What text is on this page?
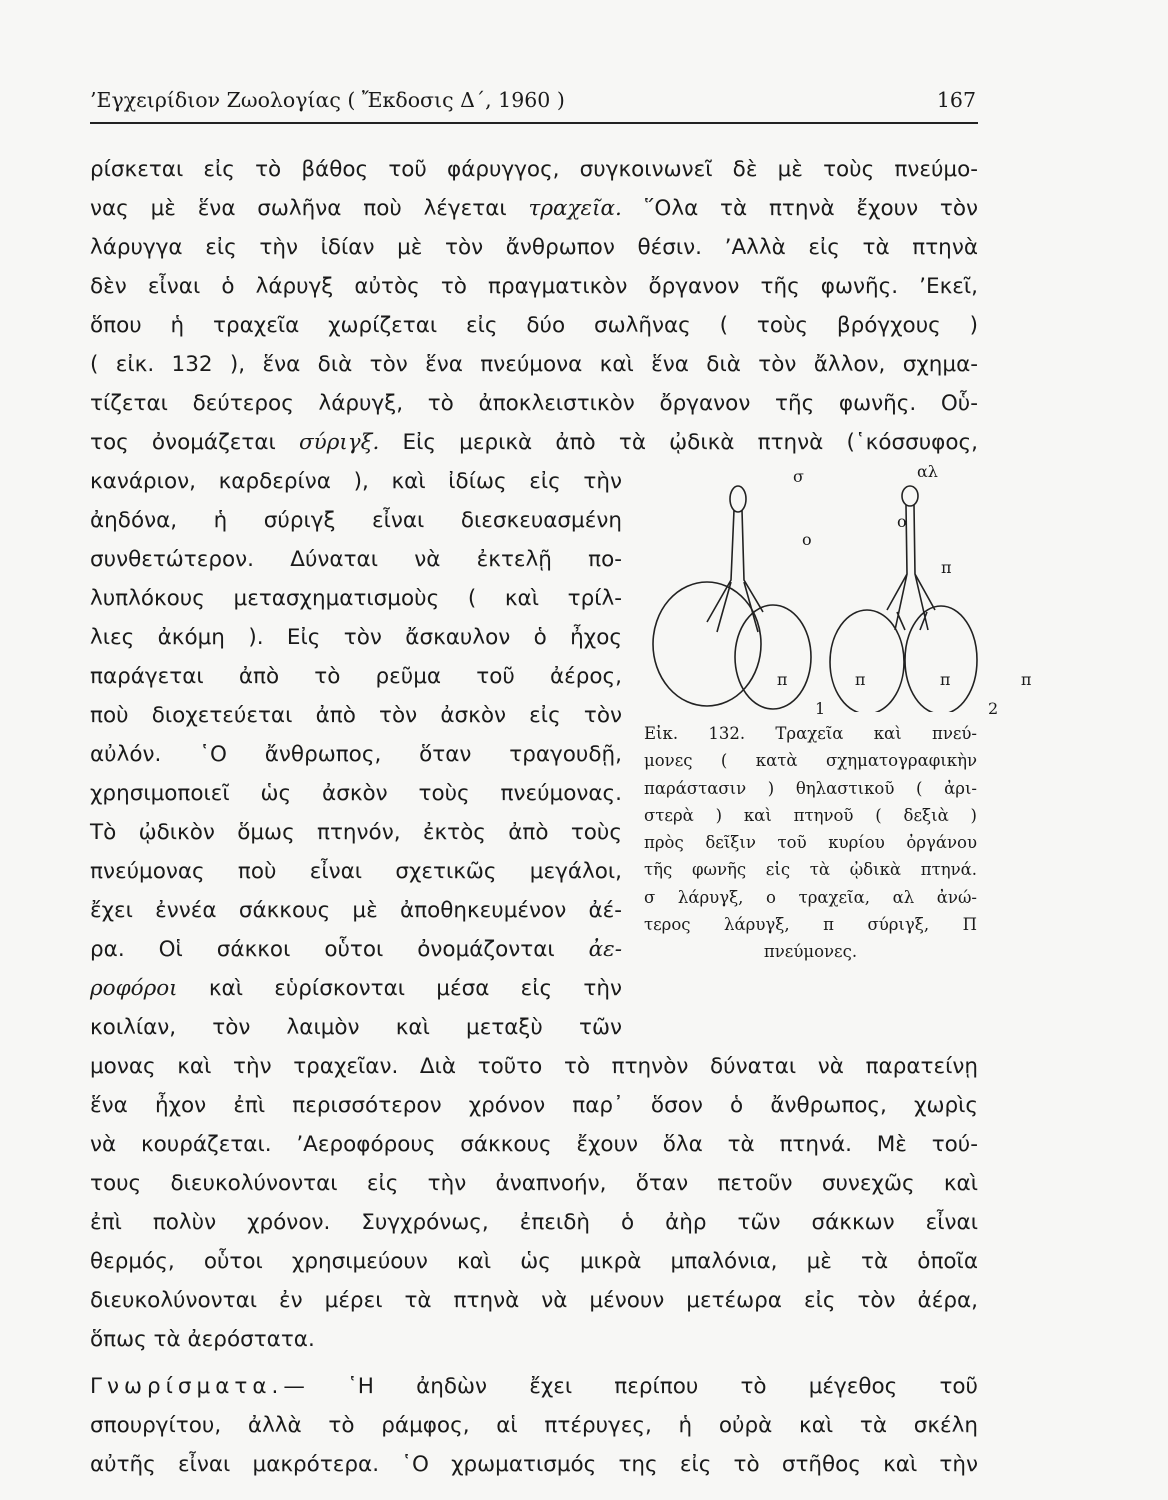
’Εγχειρίδιον Ζωολογίας ( Ἔκδοσις Δ΄, 1960 )	167
ρίσκεται εἰς τὸ βάθος τοῦ φάρυγγος, συγκοινωνεῖ δὲ μὲ τοὺς πνεύμο-
νας μὲ ἕνα σωλῆνα ποὺ λέγεται τραχεῖα. ῞Ολα τὰ πτηνὰ ἔχουν τὸν
λάρυγγα εἰς τὴν ἰδίαν μὲ τὸν ἄνθρωπον θέσιν. ’Αλλὰ εἰς τὰ πτηνὰ
δὲν εἶναι ὁ λάρυγξ αὐτὸς τὸ πραγματικὸν ὄργανον τῆς φωνῆς. ’Εκεῖ,
ὅπου ἡ τραχεῖα χωρίζεται εἰς δύο σωλῆνας ( τοὺς βρόγχους )
( εἰκ. 132 ), ἕνα διὰ τὸν ἕνα πνεύμονα καὶ ἕνα διὰ τὸν ἄλλον, σχημα-
τίζεται δεύτερος λάρυγξ, τὸ ἀποκλειστικὸν ὄργανον τῆς φωνῆς. Οὗ-
τος ὀνομάζεται σύριγξ. Εἰς μερικὰ ἀπὸ τὰ ᾠδικὰ πτηνὰ (῾κόσσυφος,
κανάριον, καρδερίνα ), καὶ ἰδίως εἰς τὴν
ἀηδόνα, ἡ σύριγξ εἶναι διεσκευασμένη
συνθετώτερον. Δύναται νὰ ἐκτελῇ πο-
λυπλόκους μετασχηματισμοὺς ( καὶ τρίλ-
λιες ἀκόμη ). Εἰς τὸν ἄσκαυλον ὁ ἦχος
παράγεται ἀπὸ τὸ ρεῦμα τοῦ ἀέρος,
ποὺ διοχετεύεται ἀπὸ τὸν ἀσκὸν εἰς τὸν
αὐλόν. ῾Ο ἄνθρωπος, ὅταν τραγουδῇ,
χρησιμοποιεῖ ὡς ἀσκὸν τοὺς πνεύμονας.
Τὸ ᾠδικὸν ὅμως πτηνόν, ἐκτὸς ἀπὸ τοὺς
πνεύμονας ποὺ εἶναι σχετικῶς μεγάλοι,
ἔχει ἐννέα σάκκους μὲ ἀποθηκευμένον ἀέ-
ρα. Οἱ σάκκοι οὗτοι ὀνομάζονται ἀε-
ροφόροι καὶ εὑρίσκονται μέσα εἰς τὴν
κοιλίαν, τὸν λαιμὸν καὶ μεταξὺ τῶν
σ	αλ
ο
ο
π
п	п	п	п
1	2
Εἰκ. 132. Τραχεῖα καὶ πνεύ-
μονες ( κατὰ σχηματογραφικὴν
παράστασιν ) θηλαστικοῦ ( ἀρι-
στερὰ ) καὶ πτηνοῦ ( δεξιὰ )
πρὸς δεῖξιν τοῦ κυρίου ὀργάνου
τῆς φωνῆς εἰς τὰ ᾠδικὰ πτηνά.
σ λάρυγξ, ο τραχεῖα, αλ ἀνώ-
τερος λάρυγξ, π σύριγξ, Π
πνεύμονες.
μονας καὶ τὴν τραχεῖαν. Διὰ τοῦτο τὸ πτηνὸν δύναται νὰ παρατείνῃ
ἕνα ἦχον ἐπὶ περισσότερον χρόνον παρ᾽ ὅσον ὁ ἄνθρωπος, χωρὶς
νὰ κουράζεται. ’Αεροφόρους σάκκους ἔχουν ὅλα τὰ πτηνά. Μὲ τού-
τους διευκολύνονται εἰς τὴν ἀναπνοήν, ὅταν πετοῦν συνεχῶς καὶ
ἐπὶ πολὺν χρόνον. Συγχρόνως, ἐπειδὴ ὁ ἀὴρ τῶν σάκκων εἶναι
θερμός, οὗτοι χρησιμεύουν καὶ ὡς μικρὰ μπαλόνια, μὲ τὰ ὁποῖα
διευκολύνονται ἐν μέρει τὰ πτηνὰ νὰ μένουν μετέωρα εἰς τὸν ἀέρα,
ὅπως τὰ ἀερόστατα.
Γνωρίσματα.— ῾Η ἀηδὼν ἔχει περίπου τὸ μέγεθος τοῦ
σπουργίτου, ἀλλὰ τὸ ράμφος, αἱ πτέρυγες, ἡ οὐρὰ καὶ τὰ σκέλη
αὐτῆς εἶναι μακρότερα. ῾Ο χρωματισμός της εἰς τὸ στῆθος καὶ τὴν
